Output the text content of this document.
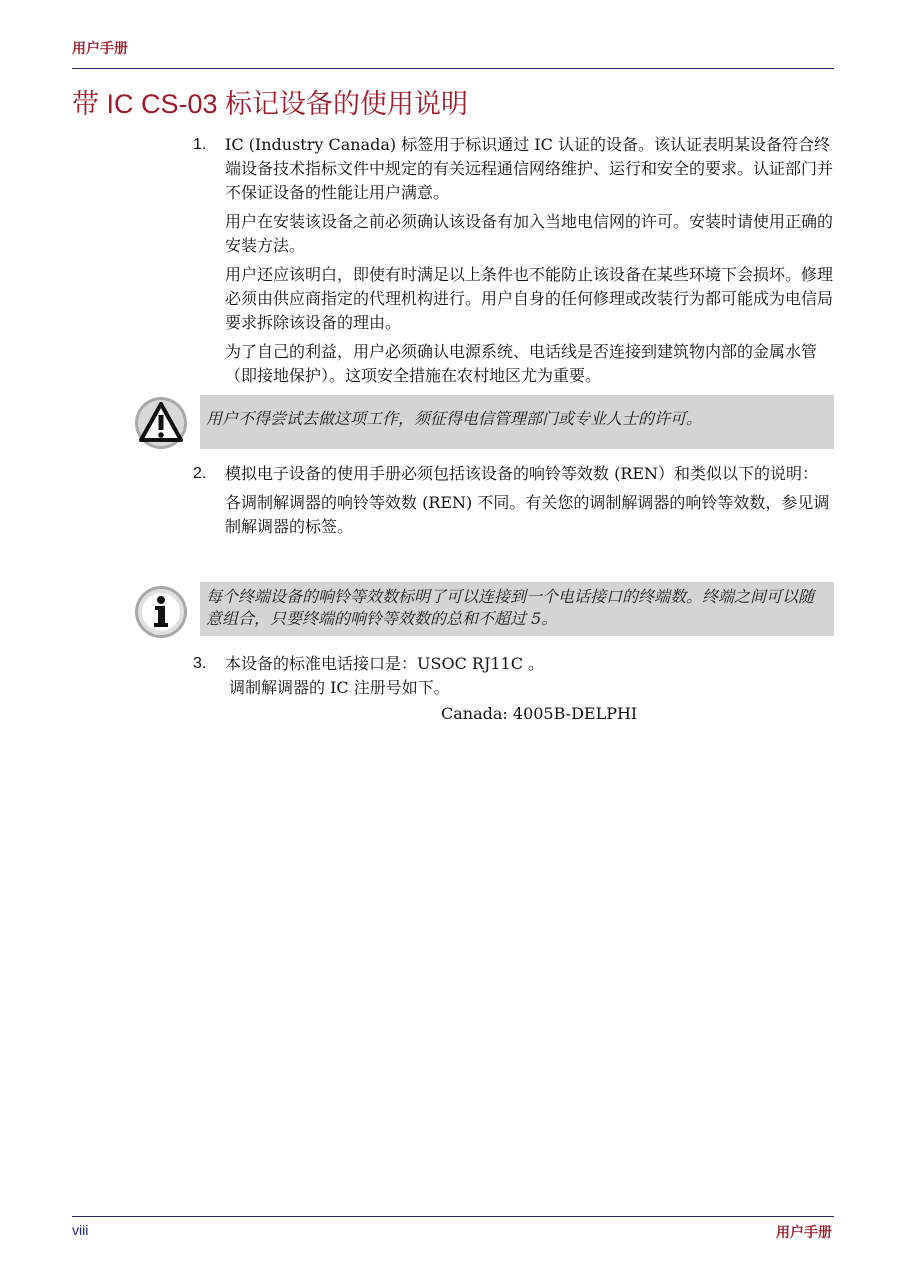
用户手册
带 IC CS-03 标记设备的使用说明
1. IC (Industry Canada) 标签用于标识通过 IC 认证的设备。该认证表明某设备符合终端设备技术指标文件中规定的有关远程通信网络维护、运行和安全的要求。认证部门并不保证设备的性能让用户满意。

用户在安装该设备之前必须确认该设备有加入当地电信网的许可。安装时请使用正确的安装方法。

用户还应该明白，即使有时满足以上条件也不能防止该设备在某些环境下会损坏。修理必须由供应商指定的代理机构进行。用户自身的任何修理或改装行为都可能成为电信局要求拆除该设备的理由。

为了自己的利益，用户必须确认电源系统、电话线是否连接到建筑物内部的金属水管 （即接地保护）。这项安全措施在农村地区尤为重要。

用户不得尝试去做这项工作，须征得电信管理部门或专业人士的许可。
2. 模拟电子设备的使用手册必须包括该设备的响铃等效数 (REN）和类似以下的说明：

各调制解调器的响铃等效数 (REN) 不同。有关您的调制解调器的响铃等效数，参见调制解调器的标签。

每个终端设备的响铃等效数标明了可以连接到一个电话接口的终端数。终端之间可以随意组合，只要终端的响铃等效数的总和不超过 5。
3. 本设备的标准电话接口是：USOC RJ11C 。

调制解调器的 IC 注册号如下。

Canada: 4005B-DELPHI
viii	用户手册
